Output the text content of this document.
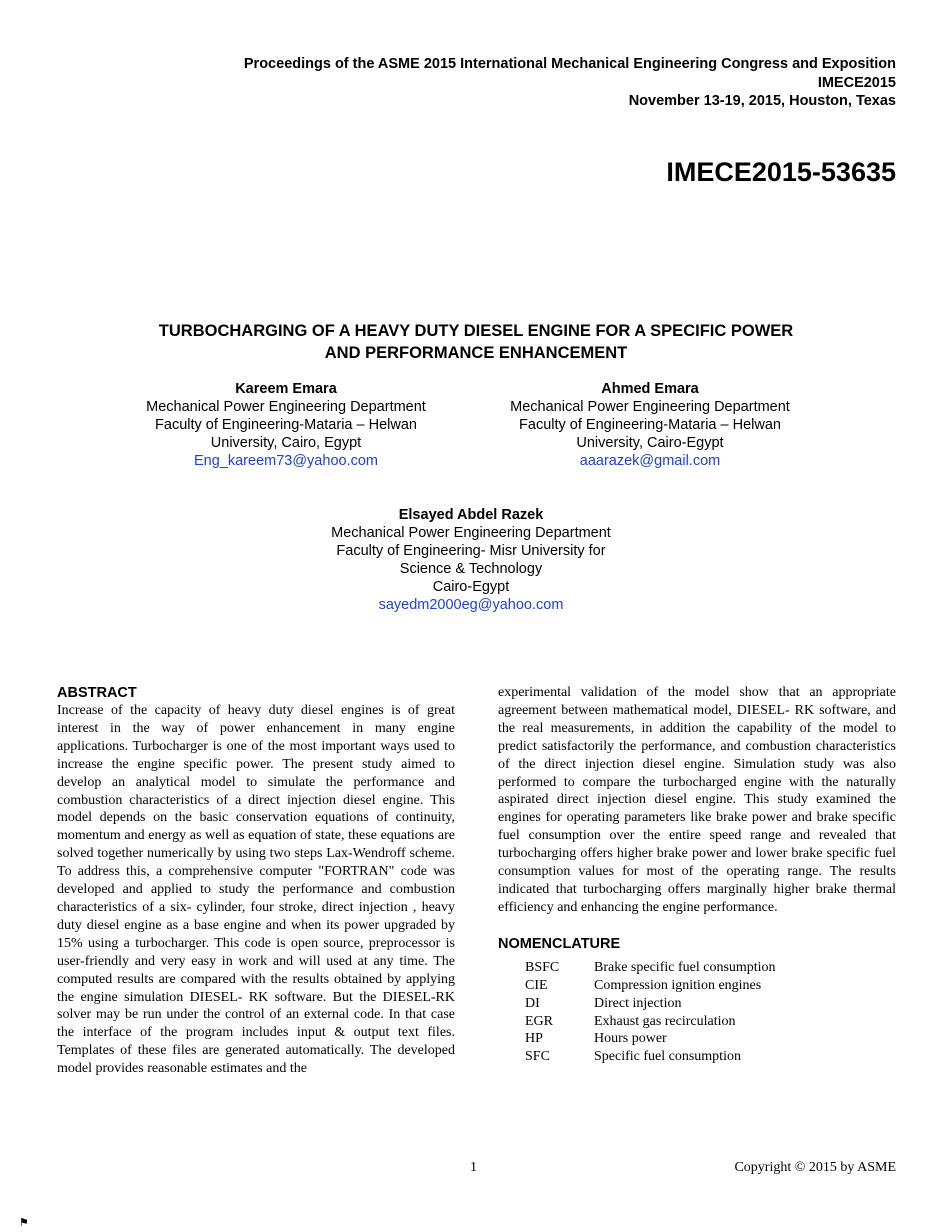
Proceedings of the ASME 2015 International Mechanical Engineering Congress and Exposition
IMECE2015
November 13-19, 2015, Houston, Texas
IMECE2015-53635
TURBOCHARGING OF A HEAVY DUTY DIESEL ENGINE FOR A SPECIFIC POWER
AND PERFORMANCE ENHANCEMENT
Kareem Emara
Mechanical Power Engineering Department
Faculty of Engineering-Mataria – Helwan
University, Cairo, Egypt
Eng_kareem73@yahoo.com
Ahmed Emara
Mechanical Power Engineering Department
Faculty of Engineering-Mataria – Helwan
University, Cairo-Egypt
aaarazek@gmail.com
Elsayed Abdel Razek
Mechanical Power Engineering Department
Faculty of Engineering- Misr University for
Science & Technology
Cairo-Egypt
sayedm2000eg@yahoo.com
ABSTRACT

Increase of the capacity of heavy duty diesel engines is of great interest in the way of power enhancement in many engine applications. Turbocharger is one of the most important ways used to increase the engine specific power. The present study aimed to develop an analytical model to simulate the performance and combustion characteristics of a direct injection diesel engine. This model depends on the basic conservation equations of continuity, momentum and energy as well as equation of state, these equations are solved together numerically by using two steps Lax-Wendroff scheme. To address this, a comprehensive computer "FORTRAN" code was developed and applied to study the performance and combustion characteristics of a six- cylinder, four stroke, direct injection , heavy duty diesel engine as a base engine and when its power upgraded by 15% using a turbocharger. This code is open source, preprocessor is user-friendly and very easy in work and will used at any time. The computed results are compared with the results obtained by applying the engine simulation DIESEL- RK software. But the DIESEL-RK solver may be run under the control of an external code. In that case the interface of the program includes input & output text files. Templates of these files are generated automatically. The developed model provides reasonable estimates and the

experimental validation of the model show that an appropriate agreement between mathematical model, DIESEL- RK software, and the real measurements, in addition the capability of the model to predict satisfactorily the performance, and combustion characteristics of the direct injection diesel engine. Simulation study was also performed to compare the turbocharged engine with the naturally aspirated direct injection diesel engine. This study examined the engines for operating parameters like brake power and brake specific fuel consumption over the entire speed range and revealed that turbocharging offers higher brake power and lower brake specific fuel consumption values for most of the operating range. The results indicated that turbocharging offers marginally higher brake thermal efficiency and enhancing the engine performance.

NOMENCLATURE
BSFC	Brake specific fuel consumption
CIE	Compression ignition engines
DI	Direct injection
EGR	Exhaust gas recirculation
HP	Hours power
SFC	Specific fuel consumption
1	Copyright © 2015 by ASME
⚑
